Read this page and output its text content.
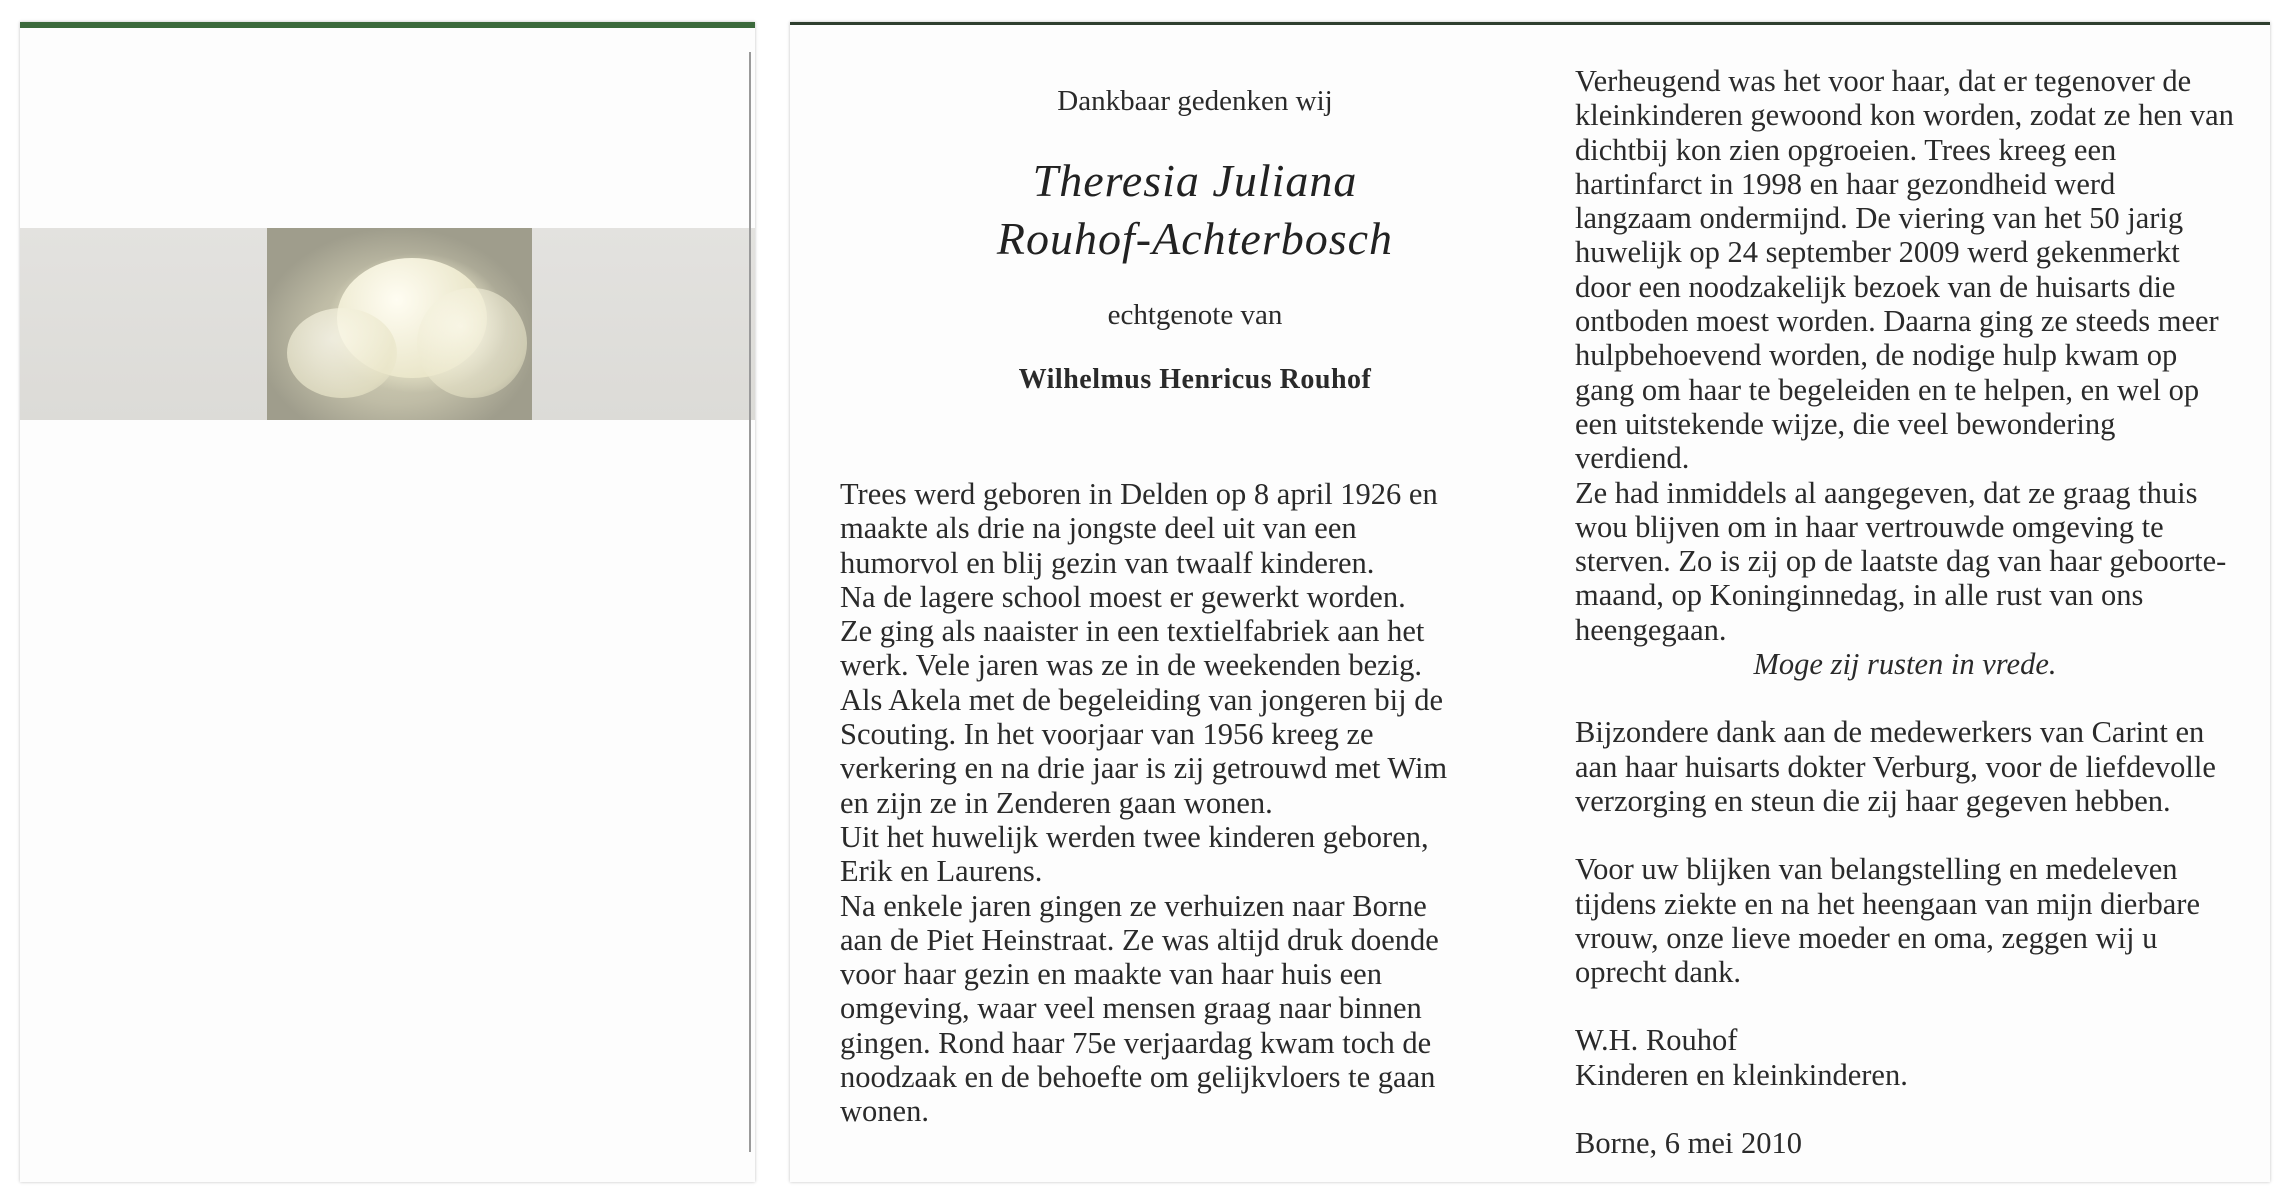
Dankbaar gedenken wij

Theresia Juliana

Rouhof-Achterbosch

echtgenote van

Wilhelmus Henricus Rouhof

Trees werd geboren in Delden op 8 april 1926 en

maakte als drie na jongste deel uit van een

humorvol en blij gezin van twaalf kinderen.

Na de lagere school moest er gewerkt worden.

Ze ging als naaister in een textielfabriek aan het

werk. Vele jaren was ze in de weekenden bezig.

Als Akela met de begeleiding van jongeren bij de

Scouting. In het voorjaar van 1956 kreeg ze

verkering en na drie jaar is zij getrouwd met Wim

en zijn ze in Zenderen gaan wonen.

Uit het huwelijk werden twee kinderen geboren,

Erik en Laurens.

Na enkele jaren gingen ze verhuizen naar Borne

aan de Piet Heinstraat. Ze was altijd druk doende

voor haar gezin en maakte van haar huis een

omgeving, waar veel mensen graag naar binnen

gingen. Rond haar 75e verjaardag kwam toch de

noodzaak en de behoefte om gelijkvloers te gaan

wonen.

Verheugend was het voor haar, dat er tegenover de

kleinkinderen gewoond kon worden, zodat ze hen van

dichtbij kon zien opgroeien. Trees kreeg een

hartinfarct in 1998 en haar gezondheid werd

langzaam ondermijnd. De viering van het 50 jarig

huwelijk op 24 september 2009 werd gekenmerkt

door een noodzakelijk bezoek van de huisarts die

ontboden moest worden. Daarna ging ze steeds meer

hulpbehoevend worden, de nodige hulp kwam op

gang om haar te begeleiden en te helpen, en wel op

een uitstekende wijze, die veel bewondering verdiend.

Ze had inmiddels al aangegeven, dat ze graag thuis

wou blijven om in haar vertrouwde omgeving te

sterven. Zo is zij op de laatste dag van haar geboorte-

maand, op Koninginnedag, in alle rust van ons

heengegaan.

Moge zij rusten in vrede.

Bijzondere dank aan de medewerkers van Carint en

aan haar huisarts dokter Verburg, voor de liefdevolle

verzorging en steun die zij haar gegeven hebben.

Voor uw blijken van belangstelling en medeleven

tijdens ziekte en na het heengaan van mijn dierbare

vrouw, onze lieve moeder en oma, zeggen wij u

oprecht dank.

W.H. Rouhof

Kinderen en kleinkinderen.

Borne, 6 mei 2010
